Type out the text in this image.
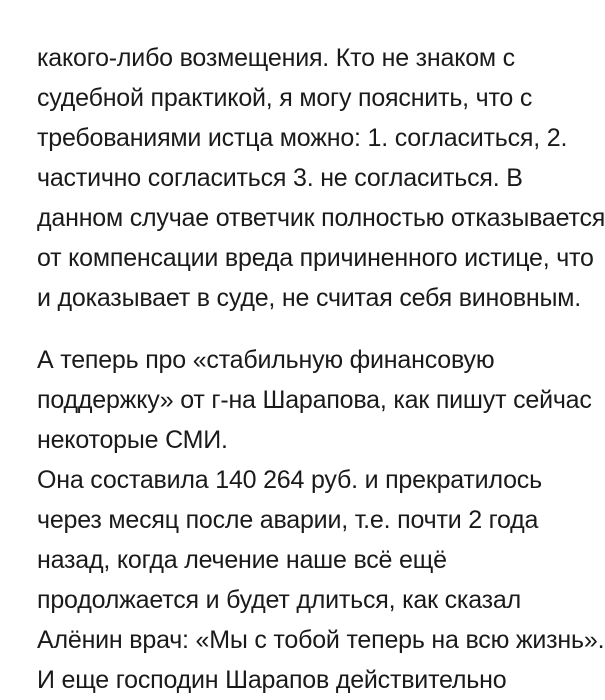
какого-либо возмещения. Кто не знаком с
судебной практикой, я могу пояснить, что с
требованиями истца можно: 1. согласиться, 2.
частично согласиться 3. не согласиться. В
данном случае ответчик полностью отказывается
от компенсации вреда причиненного истице, что
и доказывает в суде, не считая себя виновным.
А теперь про «стабильную финансовую
поддержку» от г-на Шарапова, как пишут сейчас
некоторые СМИ.
Она составила 140 264 руб. и прекратилось
через месяц после аварии, т.е. почти 2 года
назад, когда лечение наше всё ещё
продолжается и будет длиться, как сказал
Алёнин врач: «Мы с тобой теперь на всю жизнь».
И еще господин Шарапов действительно
